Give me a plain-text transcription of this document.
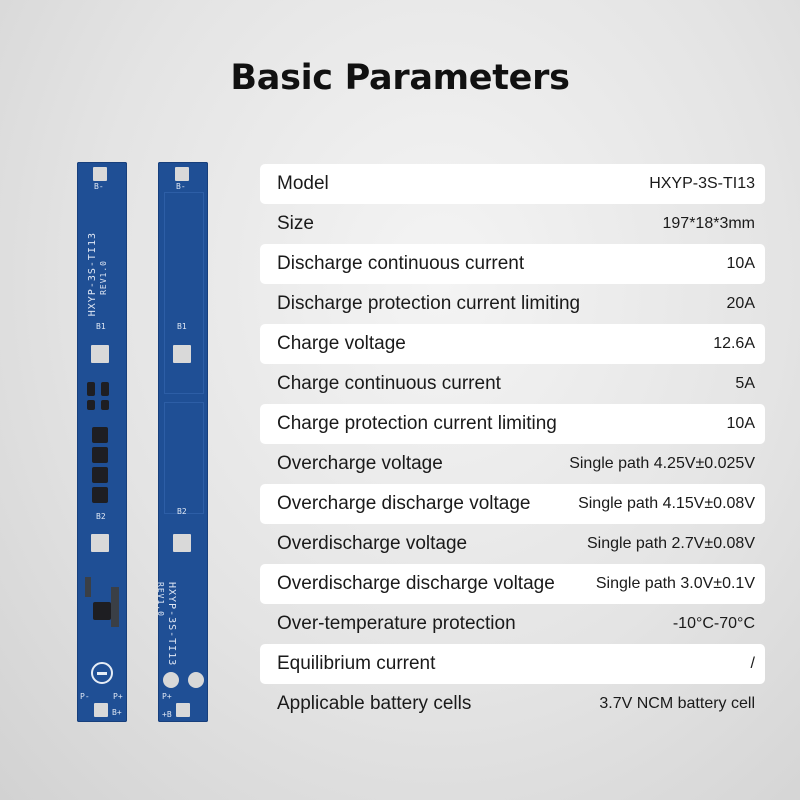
Basic Parameters
B-
HXYP-3S-TI13 REV1.0
B1
B2
P-	P+
B+
B-
B1
B2
HXYP-3S-TI13
REV1.0
P+
+B
Model	HXYP-3S-TI13
Size	197*18*3mm
Discharge continuous current	10A
Discharge protection current limiting	20A
Charge voltage	12.6A
Charge continuous current	5A
Charge protection current limiting	10A
Overcharge voltage	Single path 4.25V±0.025V
Overcharge discharge voltage	Single path 4.15V±0.08V
Overdischarge voltage	Single path 2.7V±0.08V
Overdischarge discharge voltage	Single path 3.0V±0.1V
Over-temperature protection	-10°C-70°C
Equilibrium current	/
Applicable battery cells	3.7V NCM battery cell
